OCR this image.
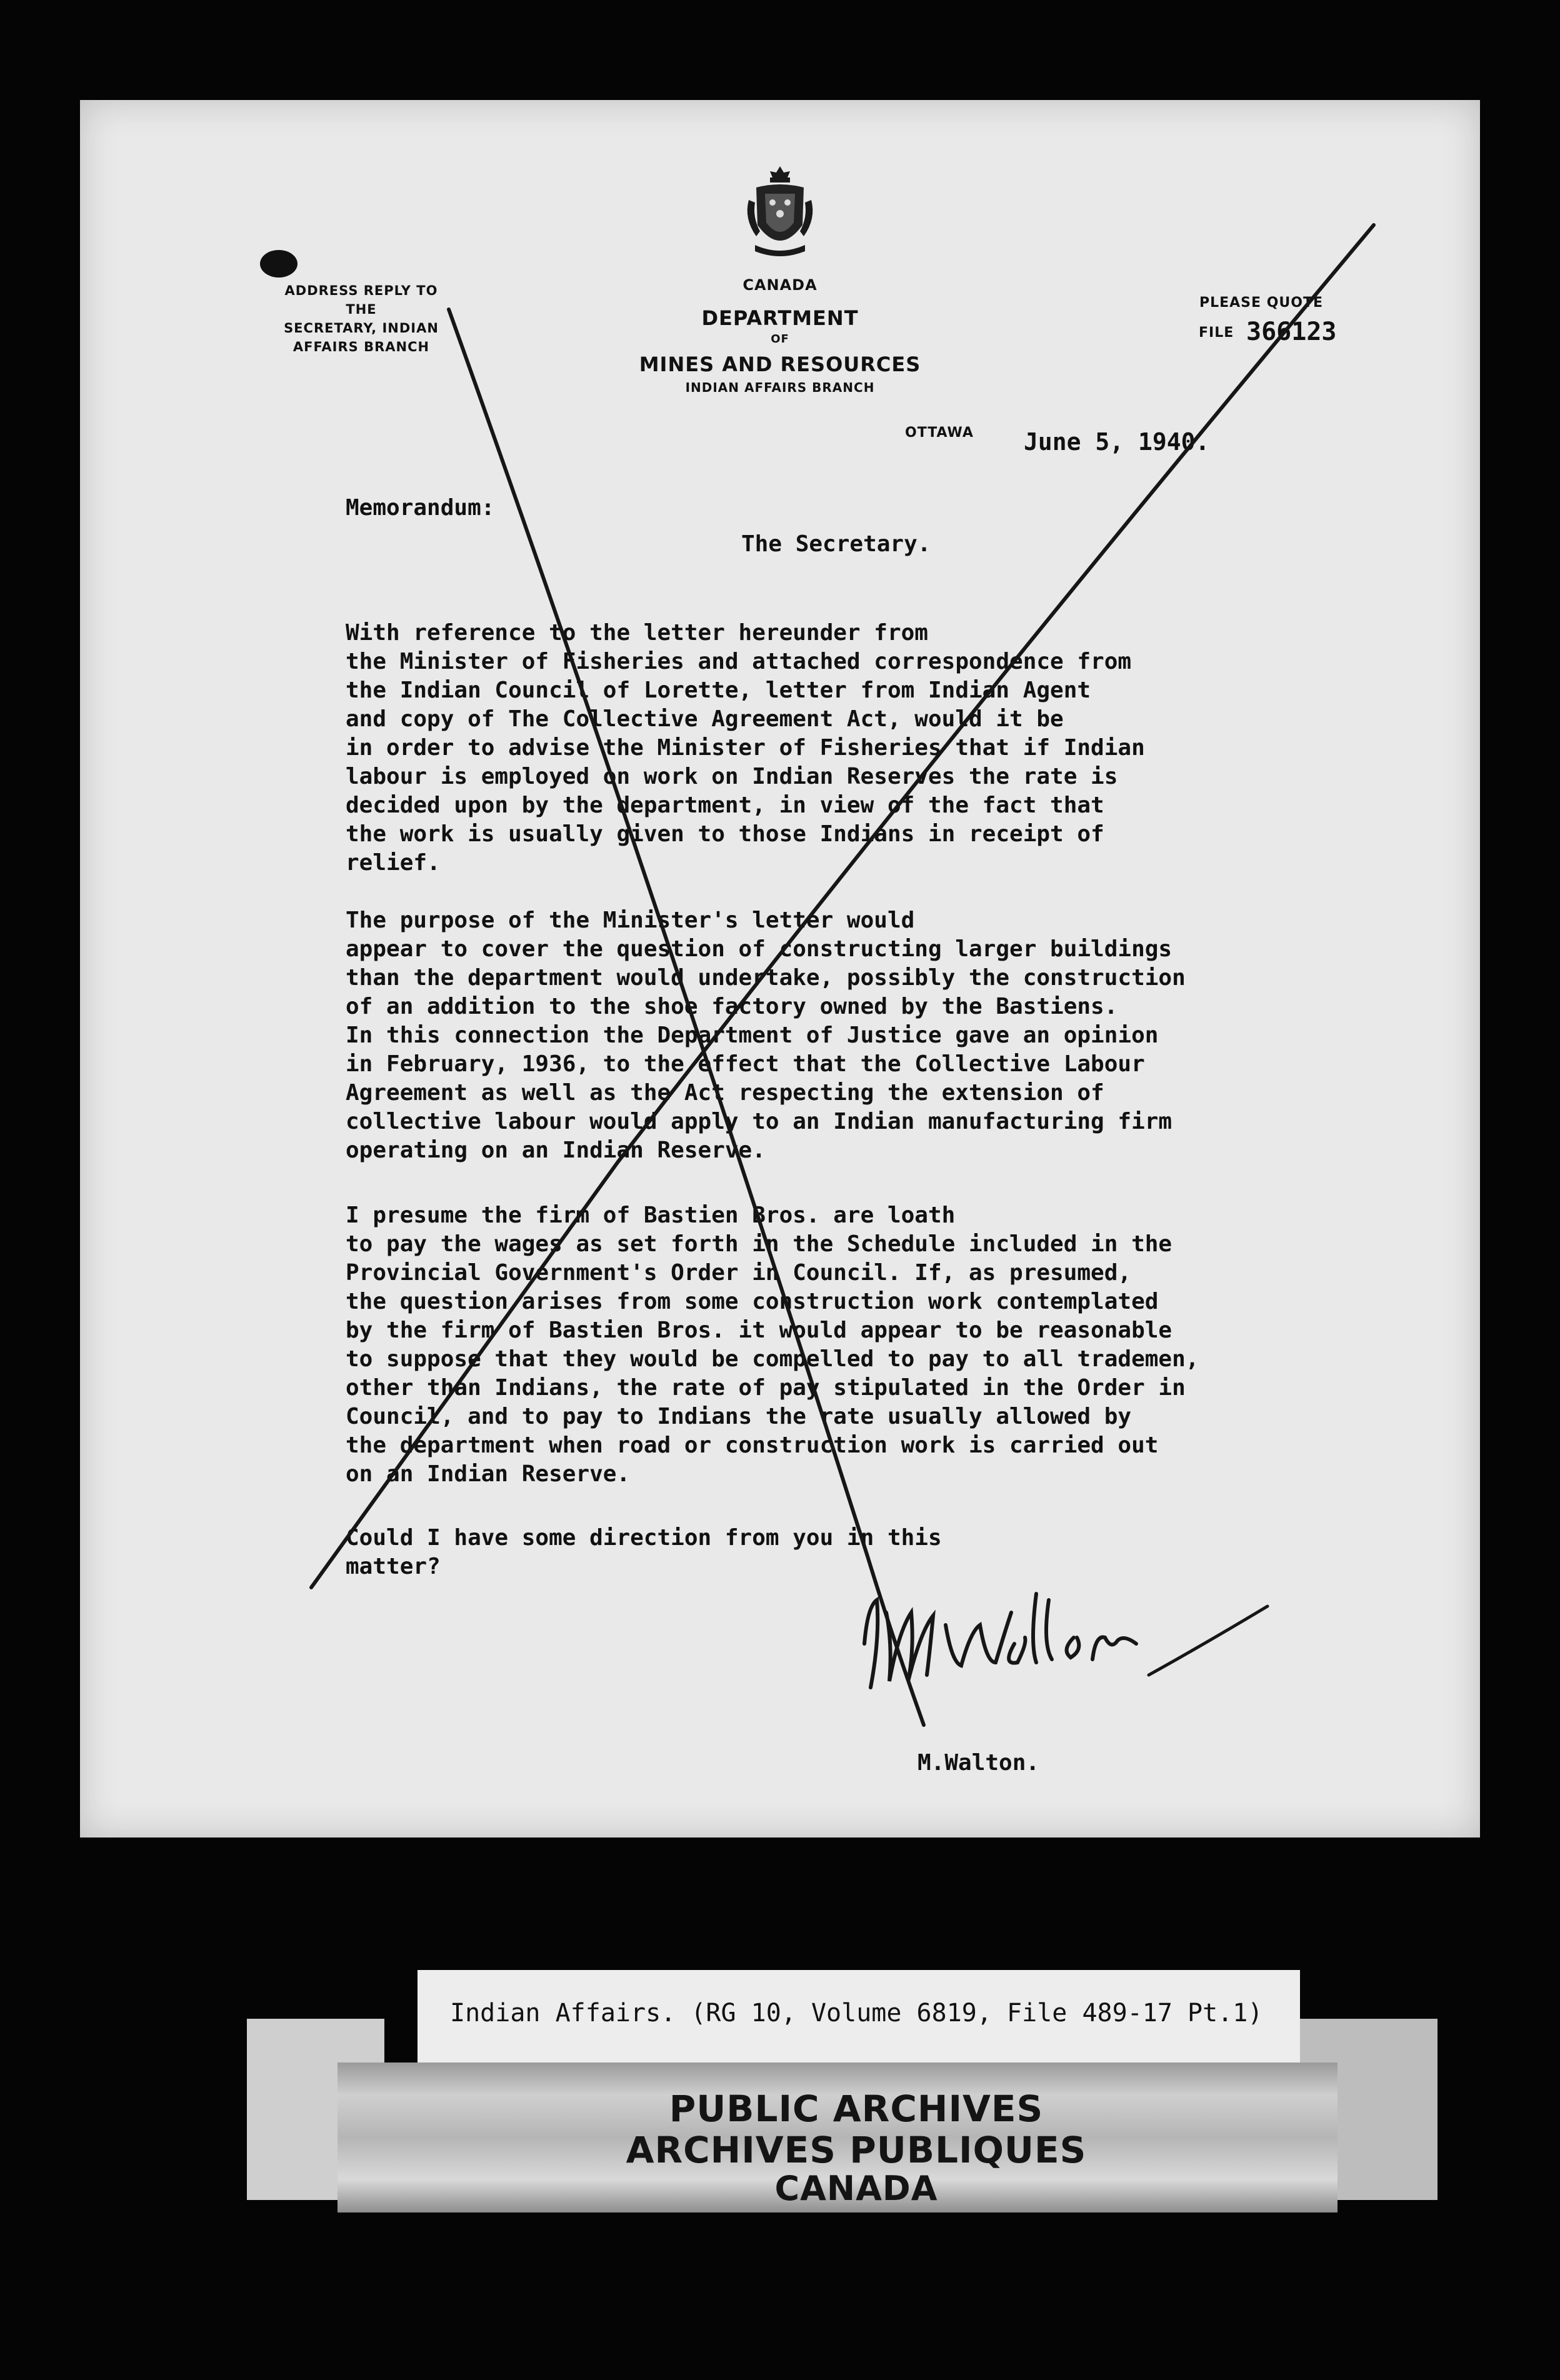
ADDRESS REPLY TO THE
SECRETARY, INDIAN
AFFAIRS BRANCH
CANADA
DEPARTMENT
OF
MINES AND RESOURCES
INDIAN AFFAIRS BRANCH
PLEASE QUOTE
FILE 366123
OTTAWA June 5, 1940.
Memorandum:
The Secretary.
With reference to the letter hereunder from
the Minister of Fisheries and attached correspondence from
the Indian Council of Lorette, letter from Indian Agent
and copy of The Collective Agreement Act, would it be
in order to advise the Minister of Fisheries that if Indian
labour is employed on work on Indian Reserves the rate is
decided upon by the department, in view of the fact that
the work is usually given to those Indians in receipt of
relief.
The purpose of the Minister's letter would
appear to cover the question of constructing larger buildings
than the department would undertake, possibly the construction
of an addition to the shoe factory owned by the Bastiens.
In this connection the Department of Justice gave an opinion
in February, 1936, to the effect that the Collective Labour
Agreement as well as the Act respecting the extension of
collective labour would apply to an Indian manufacturing firm
operating on an Indian Reserve.
I presume the firm of Bastien Bros. are loath
to pay the wages as set forth in the Schedule included in the
Provincial Government's Order in Council. If, as presumed,
the question arises from some construction work contemplated
by the firm of Bastien Bros. it would appear to be reasonable
to suppose that they would be compelled to pay to all trademen,
other than Indians, the rate of pay stipulated in the Order in
Council, and to pay to Indians the rate usually allowed by
the department when road or construction work is carried out
on an Indian Reserve.
Could I have some direction from you in this
matter?
M.Walton.
Indian Affairs. (RG 10, Volume 6819, File 489-17 Pt.1)
PUBLIC ARCHIVES
ARCHIVES PUBLIQUES
CANADA
